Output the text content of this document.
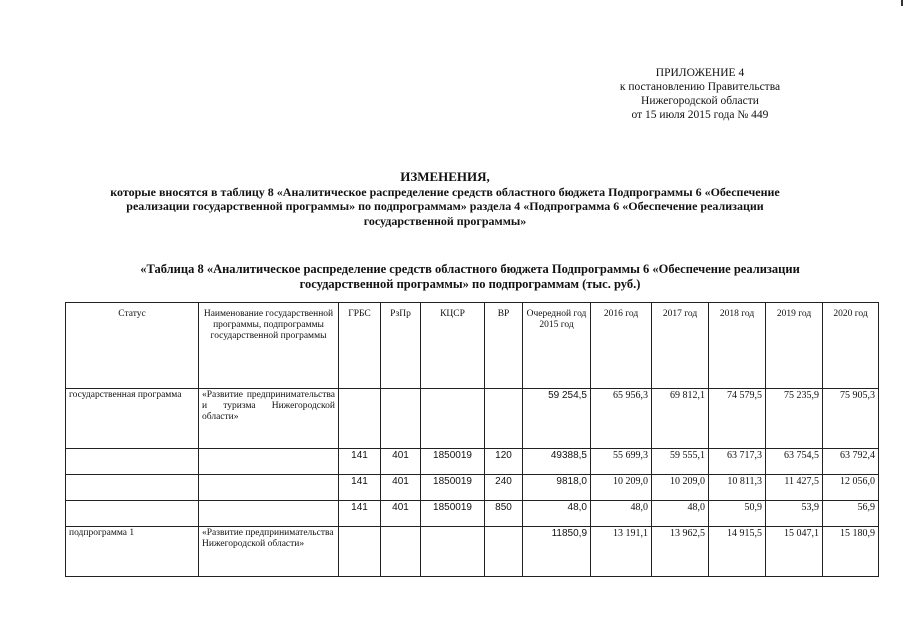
ПРИЛОЖЕНИЕ 4
к постановлению Правительства
Нижегородской области
от 15 июля 2015 года № 449
ИЗМЕНЕНИЯ,
которые вносятся в таблицу 8 «Аналитическое распределение средств областного бюджета Подпрограммы 6 «Обеспечение
реализации государственной программы» по подпрограммам» раздела 4 «Подпрограмма 6 «Обеспечение реализации
государственной программы»
«Таблица 8 «Аналитическое распределение средств областного бюджета Подпрограммы 6 «Обеспечение реализации
государственной программы» по подпрограммам (тыс. руб.)
Статус	Наименование государственной программы, подпрограммы государственной программы	ГРБС	РзПр	КЦСР	ВР	Очередной год 2015 год	2016 год	2017 год	2018 год	2019 год	2020 год
государственная программа	«Развитие предпринимательства и туризма Нижегородской области»					59 254,5	65 956,3	69 812,1	74 579,5	75 235,9	75 905,3
		141	401	1850019	120	49388,5	55 699,3	59 555,1	63 717,3	63 754,5	63 792,4
		141	401	1850019	240	9818,0	10 209,0	10 209,0	10 811,3	11 427,5	12 056,0
		141	401	1850019	850	48,0	48,0	48,0	50,9	53,9	56,9
подпрограмма 1	«Развитие предпринимательства Нижегородской области»					11850,9	13 191,1	13 962,5	14 915,5	15 047,1	15 180,9
